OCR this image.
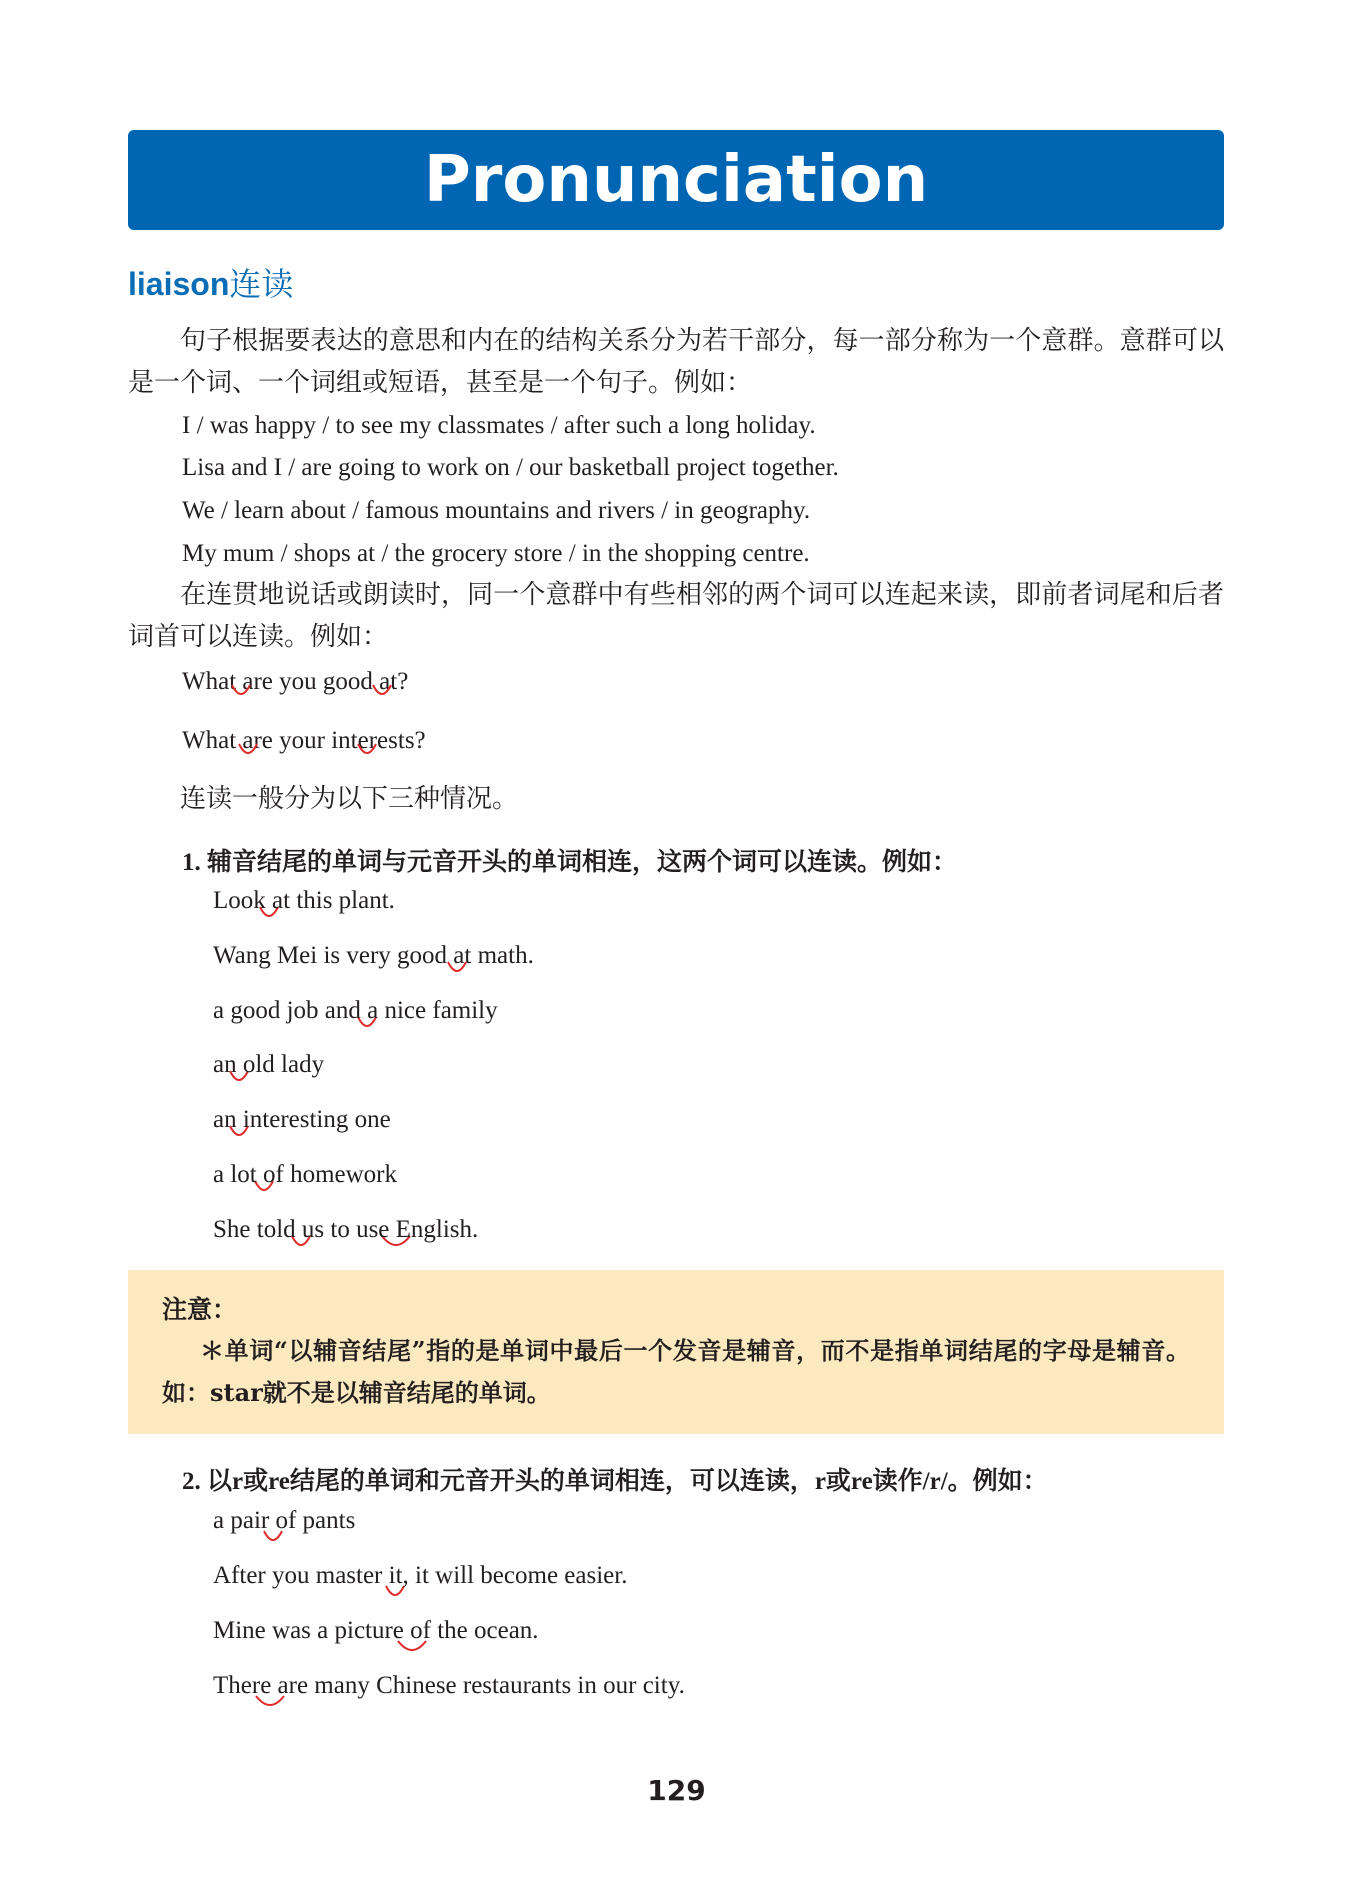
Pronunciation
liaison连读
句子根据要表达的意思和内在的结构关系分为若干部分，每一部分称为一个意群。意群可以是一个词、一个词组或短语，甚至是一个句子。例如：
I / was happy / to see my classmates / after such a long holiday.
Lisa and I / are going to work on / our basketball project together.
We / learn about / famous mountains and rivers / in geography.
My mum / shops at / the grocery store / in the shopping centre.
在连贯地说话或朗读时，同一个意群中有些相邻的两个词可以连起来读，即前者词尾和后者词首可以连读。例如：
What are you good at?
What are your interests?
连读一般分为以下三种情况。
1. 辅音结尾的单词与元音开头的单词相连，这两个词可以连读。例如：
Look at this plant.
Wang Mei is very good at math.
a good job and a nice family
an old lady
an interesting one
a lot of homework
She told us to use English.
注意：
＊单词“以辅音结尾”指的是单词中最后一个发音是辅音，而不是指单词结尾的字母是辅音。如：star就不是以辅音结尾的单词。
2. 以r或re结尾的单词和元音开头的单词相连，可以连读，r或re读作/r/。例如：
a pair of pants
After you master it, it will become easier.
Mine was a picture of the ocean.
There are many Chinese restaurants in our city.
129
